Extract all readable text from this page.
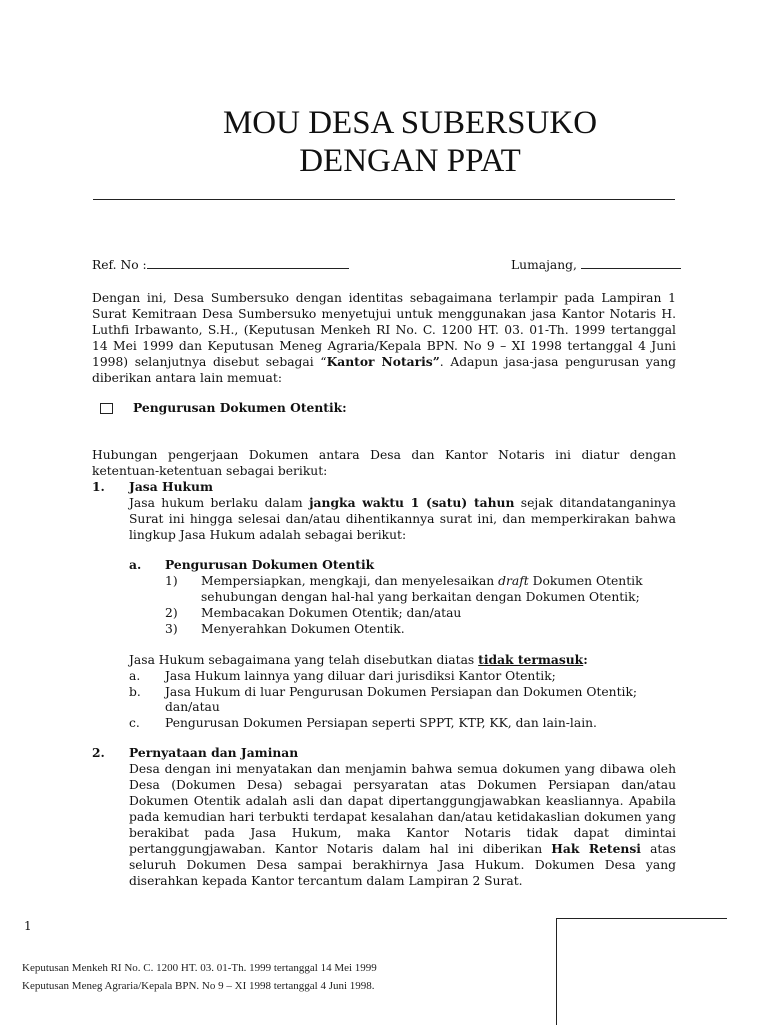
MOU DESA SUBERSUKO
DENGAN PPAT
Ref. No :	Lumajang,
Dengan ini, Desa Sumbersuko dengan identitas sebagaimana terlampir pada Lampiran 1 Surat Kemitraan Desa Sumbersuko menyetujui untuk menggunakan jasa Kantor Notaris H. Luthfi Irbawanto, S.H., (Keputusan Menkeh RI No. C. 1200 HT. 03. 01-Th. 1999 tertanggal 14 Mei 1999 dan Keputusan Meneg Agraria/Kepala BPN. No 9 – XI 1998 tertanggal 4 Juni 1998) selanjutnya disebut sebagai “Kantor Notaris”. Adapun jasa-jasa pengurusan yang diberikan antara lain memuat:
Pengurusan Dokumen Otentik:
Hubungan pengerjaan Dokumen antara Desa dan Kantor Notaris ini diatur dengan ketentuan-ketentuan sebagai berikut:
1. Jasa Hukum
Jasa hukum berlaku dalam jangka waktu 1 (satu) tahun sejak ditandatanganinya Surat ini hingga selesai dan/atau dihentikannya surat ini, dan memperkirakan bahwa lingkup Jasa Hukum adalah sebagai berikut:
a. Pengurusan Dokumen Otentik
1) Mempersiapkan, mengkaji, dan menyelesaikan draft Dokumen Otentik
sehubungan dengan hal-hal yang berkaitan dengan Dokumen Otentik;
2) Membacakan Dokumen Otentik; dan/atau
3) Menyerahkan Dokumen Otentik.
Jasa Hukum sebagaimana yang telah disebutkan diatas tidak termasuk:
a. Jasa Hukum lainnya yang diluar dari jurisdiksi Kantor Otentik;
b. Jasa Hukum di luar Pengurusan Dokumen Persiapan dan Dokumen Otentik;
dan/atau
c. Pengurusan Dokumen Persiapan seperti SPPT, KTP, KK, dan lain-lain.
2. Pernyataan dan Jaminan
Desa dengan ini menyatakan dan menjamin bahwa semua dokumen yang dibawa oleh Desa (Dokumen Desa) sebagai persyaratan atas Dokumen Persiapan dan/atau Dokumen Otentik adalah asli dan dapat dipertanggungjawabkan keasliannya. Apabila pada kemudian hari terbukti terdapat kesalahan dan/atau ketidakaslian dokumen yang berakibat pada Jasa Hukum, maka Kantor Notaris tidak dapat dimintai pertanggungjawaban. Kantor Notaris dalam hal ini diberikan Hak Retensi atas seluruh Dokumen Desa sampai berakhirnya Jasa Hukum. Dokumen Desa yang diserahkan kepada Kantor tercantum dalam Lampiran 2 Surat.
1
Keputusan Menkeh RI No. C. 1200 HT. 03. 01-Th. 1999 tertanggal 14 Mei 1999
Keputusan Meneg Agraria/Kepala BPN. No 9 – XI 1998 tertanggal 4 Juni 1998.
